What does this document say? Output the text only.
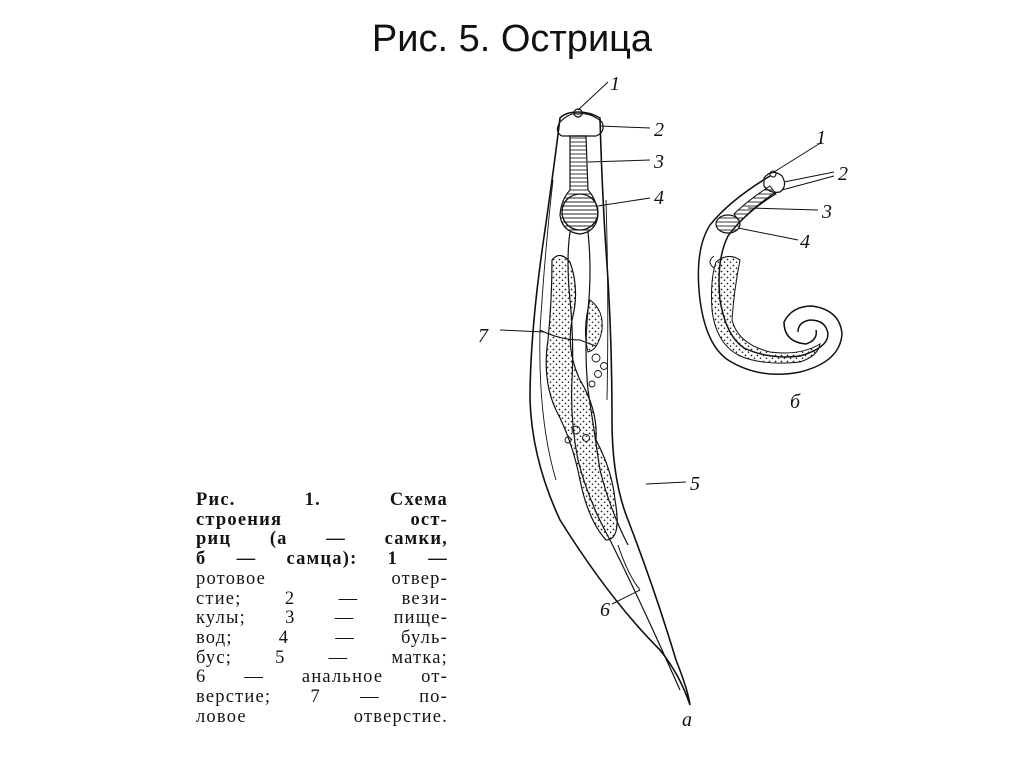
Рис. 5. Острица
1
2
3
4
7
5
6
а
1
2
3
4
б
Рис. 1. Схема
строения ост-
риц (а — самки,
б — самца): 1 —
ротовое отвер-
стие; 2 — вези-
кулы; 3 — пище-
вод; 4 — буль-
бус; 5 — матка;
6 — анальное от-
верстие; 7 — по-
ловое отверстие.
